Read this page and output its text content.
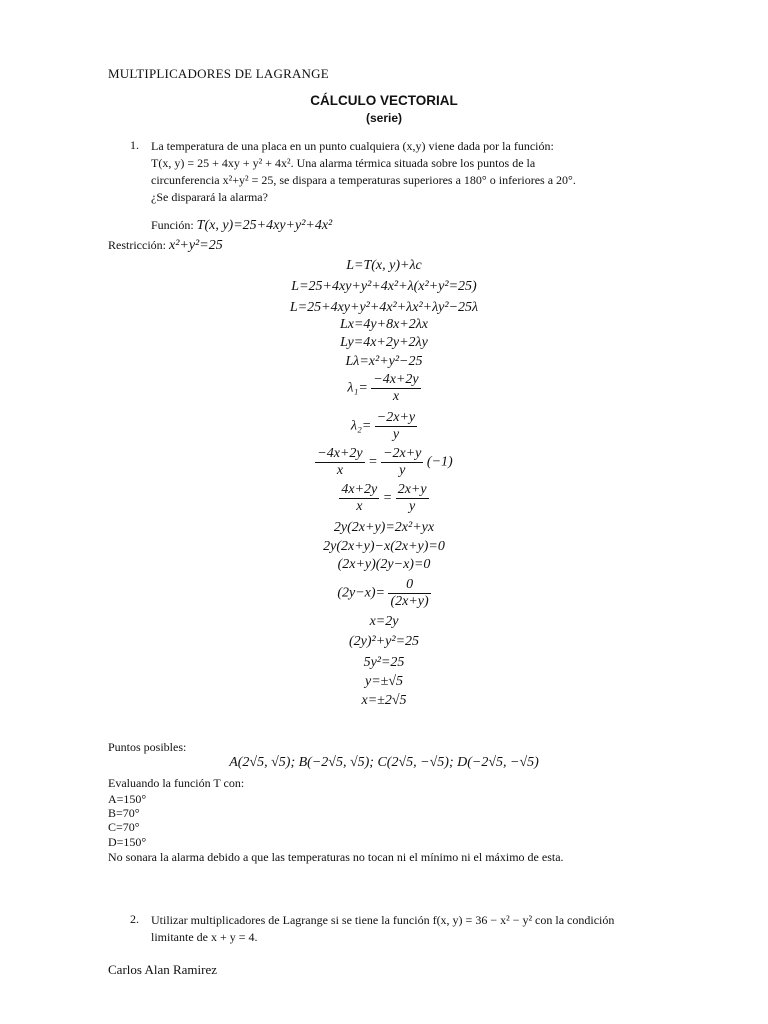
MULTIPLICADORES DE LAGRANGE
CÁLCULO VECTORIAL
(serie)
1. La temperatura de una placa en un punto cualquiera (x,y) viene dada por la función:
T(x, y) = 25 + 4xy + y² + 4x². Una alarma térmica situada sobre los puntos de la
circunferencia x²+y² = 25, se dispara a temperaturas superiores a 180° o inferiores a 20°.
¿Se disparará la alarma?
Función: T(x, y)=25+4xy+y²+4x²
Restricción: x²+y²=25
L=T(x, y)+λc
L=25+4xy+y²+4x²+λ(x²+y²=25)
L=25+4xy+y²+4x²+λx²+λy²−25λ
Lx=4y+8x+2λx
Ly=4x+2y+2λy
Lλ=x²+y²−25
$\lambda_1= \frac{-4x+2y}{x}$
$\lambda_2= \frac{-2x+y}{y}$
$\frac{-4x+2y}{x} = \frac{-2x+y}{y} (-1)$
$\frac{4x+2y}{x} = \frac{2x+y}{y}$
2y(2x+y)=2x²+yx
2y(2x+y)−x(2x+y)=0
(2x+y)(2y−x)=0
$(2y-x)= \frac{0}{(2x+y)}$
x=2y
(2y)²+y²=25
5y²=25
y=±√5
x=±2√5
Puntos posibles:
A(2√5, √5); B(−2√5, √5); C(2√5, −√5); D(−2√5, −√5)
Evaluando la función T con:
A=150°
B=70°
C=70°
D=150°
No sonara la alarma debido a que las temperaturas no tocan ni el mínimo ni el máximo de esta.
2. Utilizar multiplicadores de Lagrange si se tiene la función f(x, y) = 36 − x² − y² con la condición
limitante de x + y = 4.
Carlos Alan Ramirez
